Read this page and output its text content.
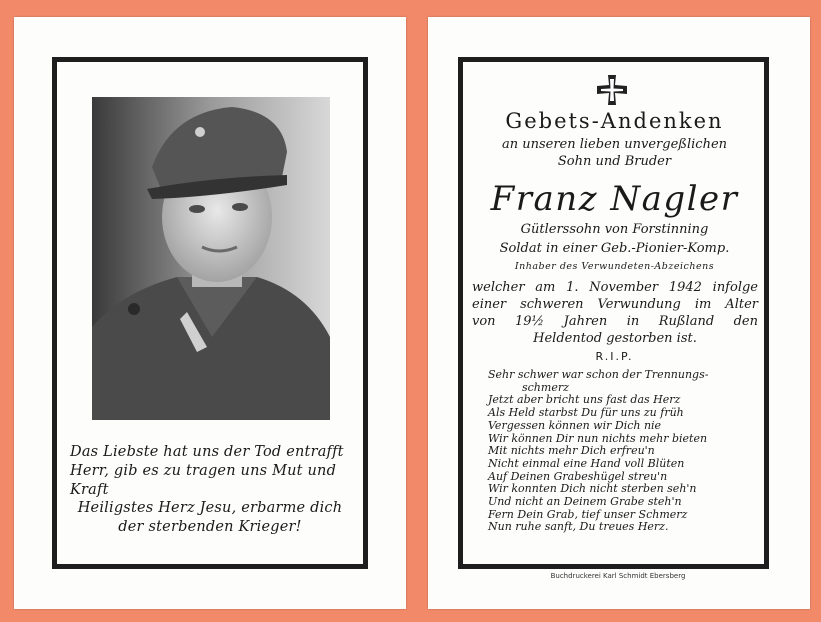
Das Liebste hat uns der Tod entrafft
Herr, gib es zu tragen uns Mut und Kraft
Heiligstes Herz Jesu, erbarme dich
der sterbenden Krieger!
Gebets-Andenken
an unseren lieben unvergeßlichen
Sohn und Bruder
Franz Nagler
Gütlerssohn von Forstinning
Soldat in einer Geb.-Pionier-Komp.
Inhaber des Verwundeten-Abzeichens
welcher am 1. November 1942 infolge
einer schweren Verwundung im Alter
von 19½ Jahren in Rußland den
Heldentod gestorben ist.
R.I.P.
Sehr schwer war schon der Trennungs-
schmerz
Jetzt aber bricht uns fast das Herz
Als Held starbst Du für uns zu früh
Vergessen können wir Dich nie
Wir können Dir nun nichts mehr bieten
Mit nichts mehr Dich erfreu'n
Nicht einmal eine Hand voll Blüten
Auf Deinen Grabeshügel streu'n
Wir konnten Dich nicht sterben seh'n
Und nicht an Deinem Grabe steh'n
Fern Dein Grab, tief unser Schmerz
Nun ruhe sanft, Du treues Herz.
Buchdruckerei Karl Schmidt Ebersberg
